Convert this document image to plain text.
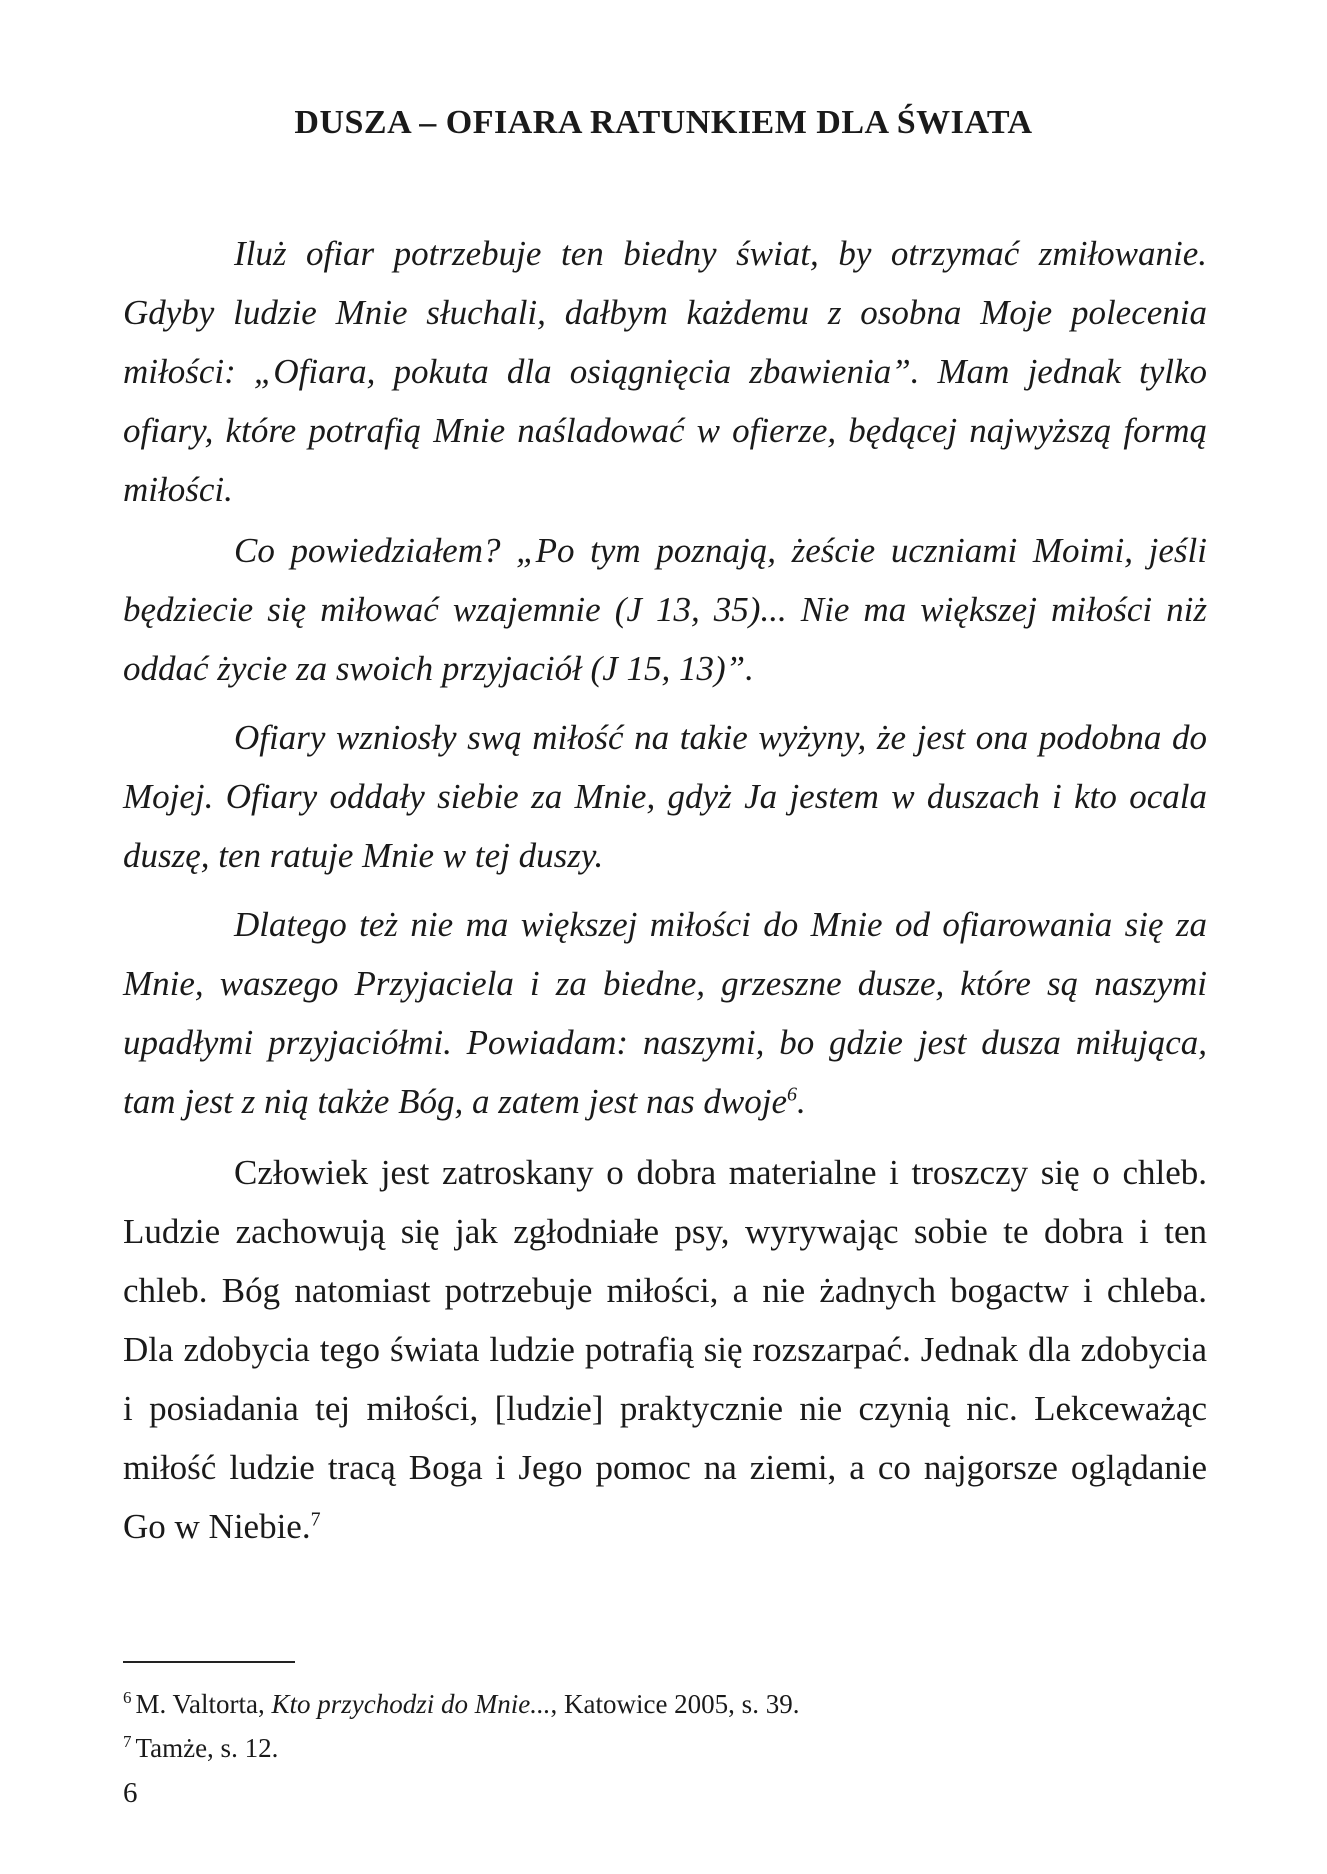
DUSZA – OFIARA RATUNKIEM DLA ŚWIATA

Iluż ofiar potrzebuje ten biedny świat, by otrzymać zmiłowanie. Gdyby ludzie Mnie słuchali, dałbym każdemu z osobna Moje polecenia miłości: „Ofiara, pokuta dla osiągnięcia zbawienia”. Mam jednak tylko ofiary, które potrafią Mnie naśladować w ofierze, będącej najwyższą formą miłości.

Co powiedziałem? „Po tym poznają, żeście uczniami Moimi, jeśli będziecie się miłować wzajemnie (J 13, 35)... Nie ma większej miłości niż oddać życie za swoich przyjaciół (J 15, 13)”.

Ofiary wzniosły swą miłość na takie wyżyny, że jest ona podobna do Mojej. Ofiary oddały siebie za Mnie, gdyż Ja jestem w duszach i kto ocala duszę, ten ratuje Mnie w tej duszy.

Dlatego też nie ma większej miłości do Mnie od ofiarowania się za Mnie, waszego Przyjaciela i za biedne, grzeszne dusze, które są naszymi upadłymi przyjaciółmi. Powiadam: naszymi, bo gdzie jest dusza miłująca, tam jest z nią także Bóg, a zatem jest nas dwoje$^6$.

Człowiek jest zatroskany o dobra materialne i troszczy się o chleb. Ludzie zachowują się jak zgłodniałe psy, wyrywając sobie te dobra i ten chleb. Bóg natomiast potrzebuje miłości, a nie żadnych bogactw i chleba. Dla zdobycia tego świata ludzie potrafią się rozszarpać. Jednak dla zdobycia i posiadania tej miłości, [ludzie] praktycznie nie czynią nic. Lekceważąc miłość ludzie tracą Boga i Jego pomoc na ziemi, a co najgorsze oglądanie Go w Niebie.$^7$

$^6$ M. Valtorta, Kto przychodzi do Mnie..., Katowice 2005, s. 39.

$^7$ Tamże, s. 12.

6
